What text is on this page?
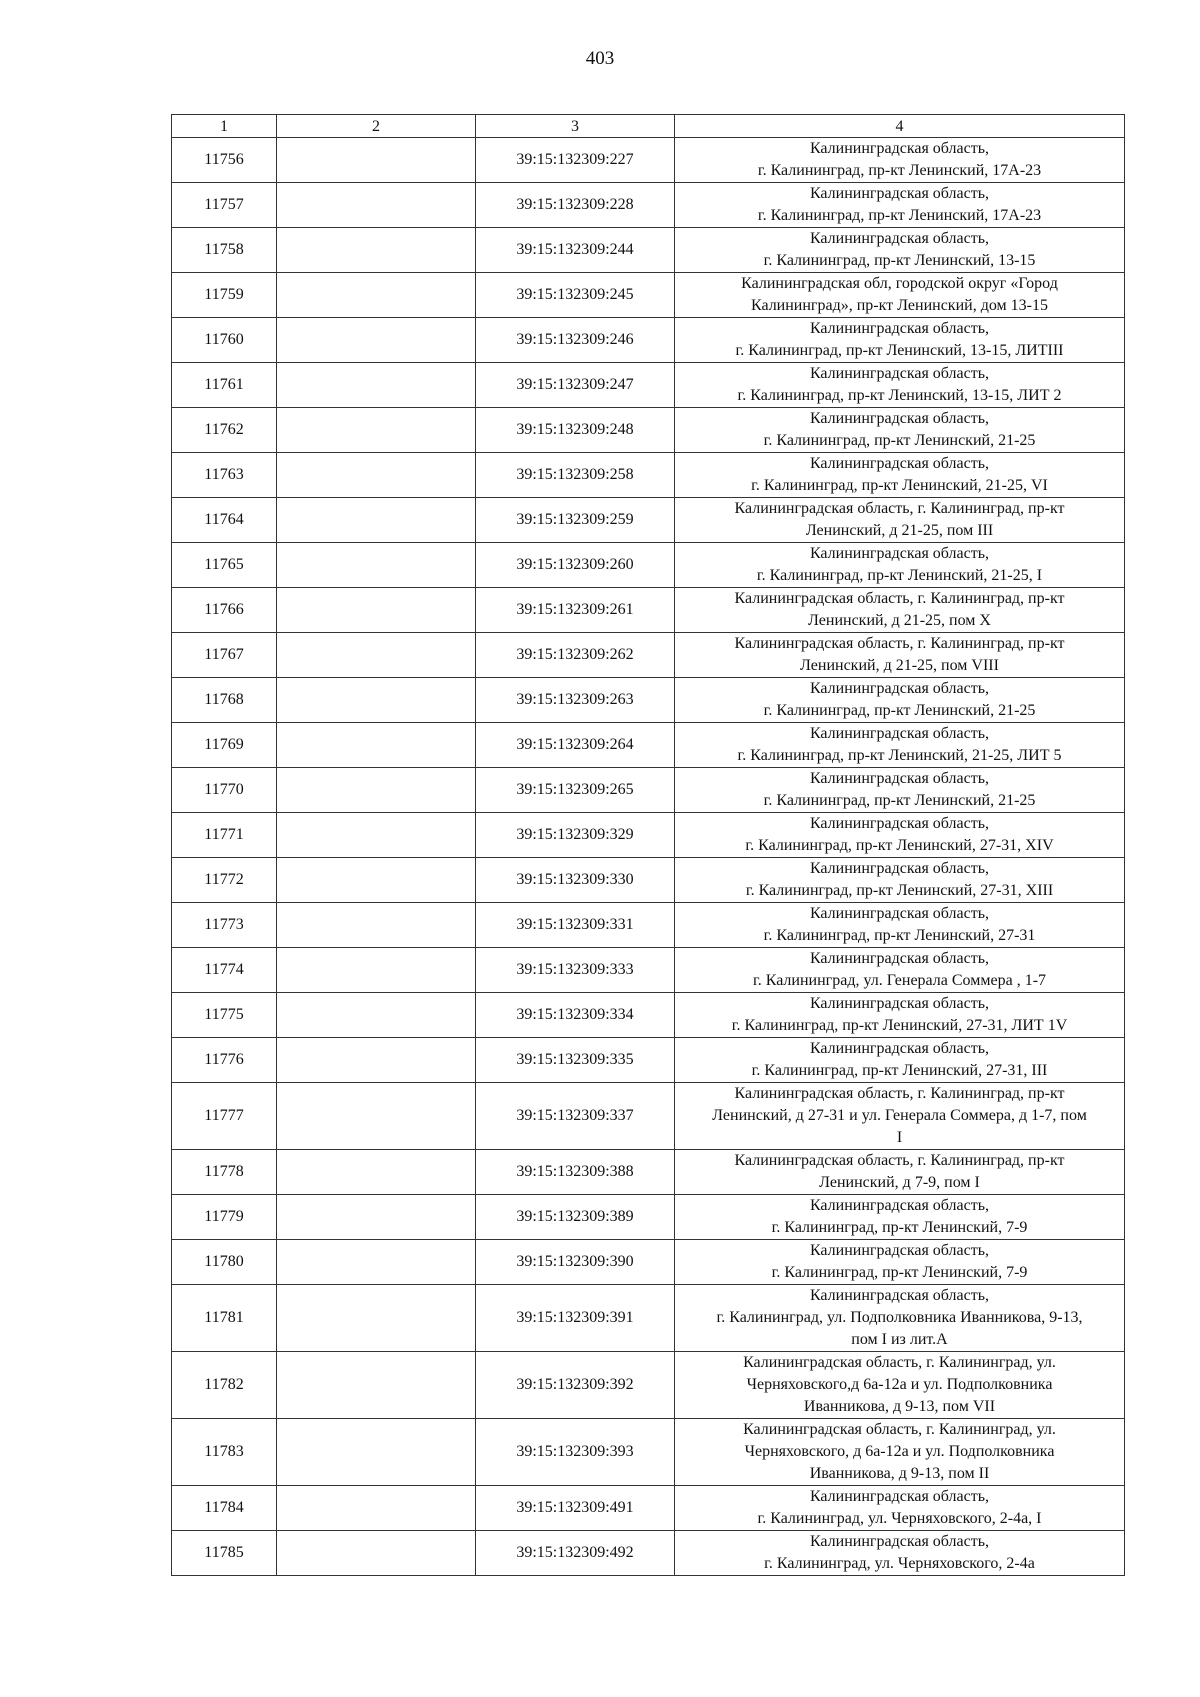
403
1	2	3	4
11756		39:15:132309:227	Калининградская область,
г. Калининград, пр-кт Ленинский, 17А-23

11757		39:15:132309:228	Калининградская область,
г. Калининград, пр-кт Ленинский, 17А-23

11758		39:15:132309:244	Калининградская область,
г. Калининград, пр-кт Ленинский, 13-15

11759		39:15:132309:245	Калининградская обл, городской округ «Город
Калининград», пр-кт Ленинский, дом 13-15

11760		39:15:132309:246	Калининградская область,
г. Калининград, пр-кт Ленинский, 13-15, ЛИТIII

11761		39:15:132309:247	Калининградская область,
г. Калининград, пр-кт Ленинский, 13-15, ЛИТ 2

11762		39:15:132309:248	Калининградская область,
г. Калининград, пр-кт Ленинский, 21-25

11763		39:15:132309:258	Калининградская область,
г. Калининград, пр-кт Ленинский, 21-25, VI

11764		39:15:132309:259	Калининградская область, г. Калининград, пр-кт
Ленинский, д 21-25, пом III

11765		39:15:132309:260	Калининградская область,
г. Калининград, пр-кт Ленинский, 21-25, I

11766		39:15:132309:261	Калининградская область, г. Калининград, пр-кт
Ленинский, д 21-25, пом X

11767		39:15:132309:262	Калининградская область, г. Калининград, пр-кт
Ленинский, д 21-25, пом VIII

11768		39:15:132309:263	Калининградская область,
г. Калининград, пр-кт Ленинский, 21-25

11769		39:15:132309:264	Калининградская область,
г. Калининград, пр-кт Ленинский, 21-25, ЛИТ 5

11770		39:15:132309:265	Калининградская область,
г. Калининград, пр-кт Ленинский, 21-25

11771		39:15:132309:329	Калининградская область,
г. Калининград, пр-кт Ленинский, 27-31, XIV

11772		39:15:132309:330	Калининградская область,
г. Калининград, пр-кт Ленинский, 27-31, XIII

11773		39:15:132309:331	Калининградская область,
г. Калининград, пр-кт Ленинский, 27-31

11774		39:15:132309:333	Калининградская область,
г. Калининград, ул. Генерала Соммера , 1-7

11775		39:15:132309:334	Калининградская область,
г. Калининград, пр-кт Ленинский, 27-31, ЛИТ 1V

11776		39:15:132309:335	Калининградская область,
г. Калининград, пр-кт Ленинский, 27-31, III

11777		39:15:132309:337	Калининградская область, г. Калининград, пр-кт
Ленинский, д 27-31 и ул. Генерала Соммера, д 1-7, пом
I

11778		39:15:132309:388	Калининградская область, г. Калининград, пр-кт
Ленинский, д 7-9, пом I

11779		39:15:132309:389	Калининградская область,
г. Калининград, пр-кт Ленинский, 7-9

11780		39:15:132309:390	Калининградская область,
г. Калининград, пр-кт Ленинский, 7-9

11781		39:15:132309:391	Калининградская область,
г. Калининград, ул. Подполковника Иванникова, 9-13,
пом I из лит.А

11782		39:15:132309:392	Калининградская область, г. Калининград, ул.
Черняховского,д 6а-12а и ул. Подполковника
Иванникова, д 9-13, пом VII

11783		39:15:132309:393	Калининградская область, г. Калининград, ул.
Черняховского, д 6а-12а и ул. Подполковника
Иванникова, д 9-13, пом II

11784		39:15:132309:491	Калининградская область,
г. Калининград, ул. Черняховского, 2-4а, I

11785		39:15:132309:492	Калининградская область,
г. Калининград, ул. Черняховского, 2-4а
